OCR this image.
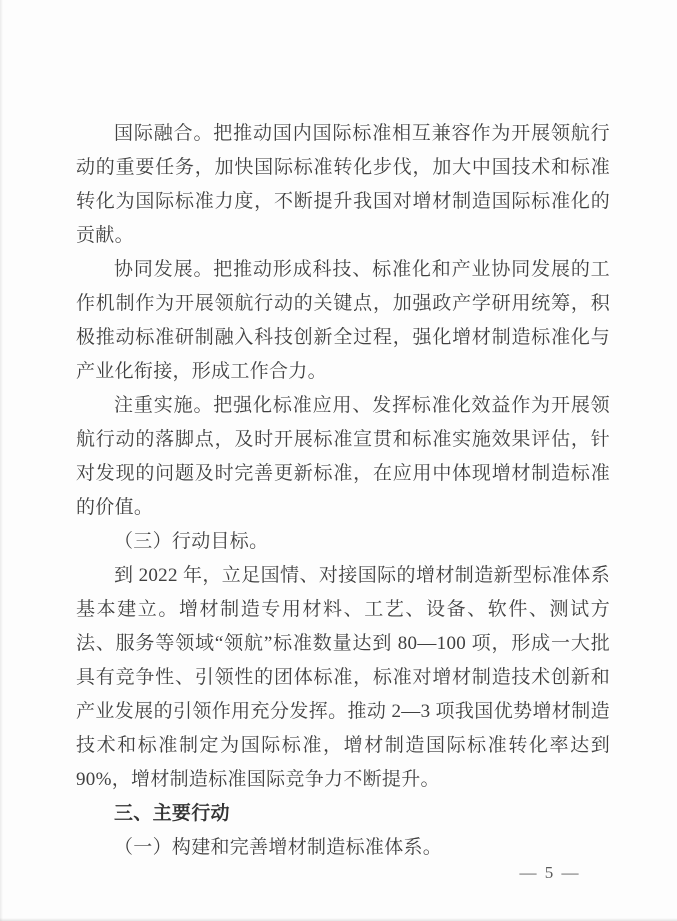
国际融合。把推动国内国际标准相互兼容作为开展领航行动的重要任务，加快国际标准转化步伐，加大中国技术和标准转化为国际标准力度，不断提升我国对增材制造国际标准化的贡献。

协同发展。把推动形成科技、标准化和产业协同发展的工作机制作为开展领航行动的关键点，加强政产学研用统筹，积极推动标准研制融入科技创新全过程，强化增材制造标准化与产业化衔接，形成工作合力。

注重实施。把强化标准应用、发挥标准化效益作为开展领航行动的落脚点，及时开展标准宣贯和标准实施效果评估，针对发现的问题及时完善更新标准，在应用中体现增材制造标准的价值。

（三）行动目标。

到 2022 年，立足国情、对接国际的增材制造新型标准体系基本建立。增材制造专用材料、工艺、设备、软件、测试方法、服务等领域“领航”标准数量达到 80—100 项，形成一大批具有竞争性、引领性的团体标准，标准对增材制造技术创新和产业发展的引领作用充分发挥。推动 2—3 项我国优势增材制造技术和标准制定为国际标准，增材制造国际标准转化率达到 90%，增材制造标准国际竞争力不断提升。

三、主要行动

（一）构建和完善增材制造标准体系。

— 5 —
